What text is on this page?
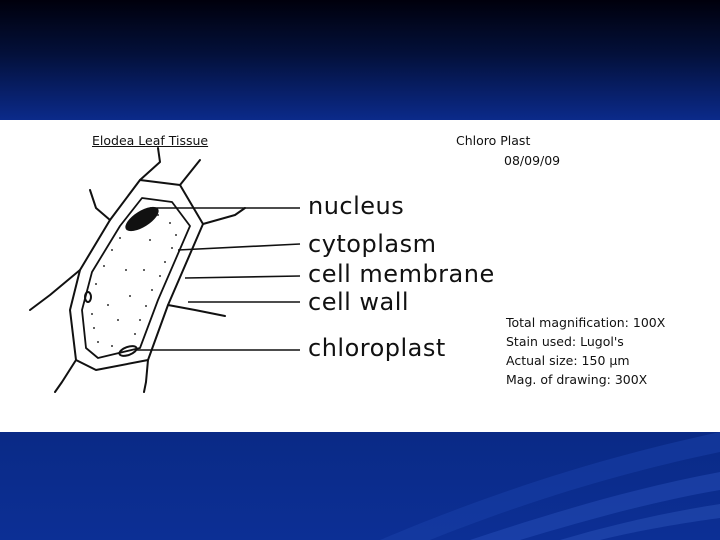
Elodea Leaf Tissue	Chloro Plast
08/09/09
nucleus
cytoplasm
cell membrane
cell wall
chloroplast
Total magnification: 100X
Stain used: Lugol's
Actual size: 150 µm
Mag. of drawing: 300X
